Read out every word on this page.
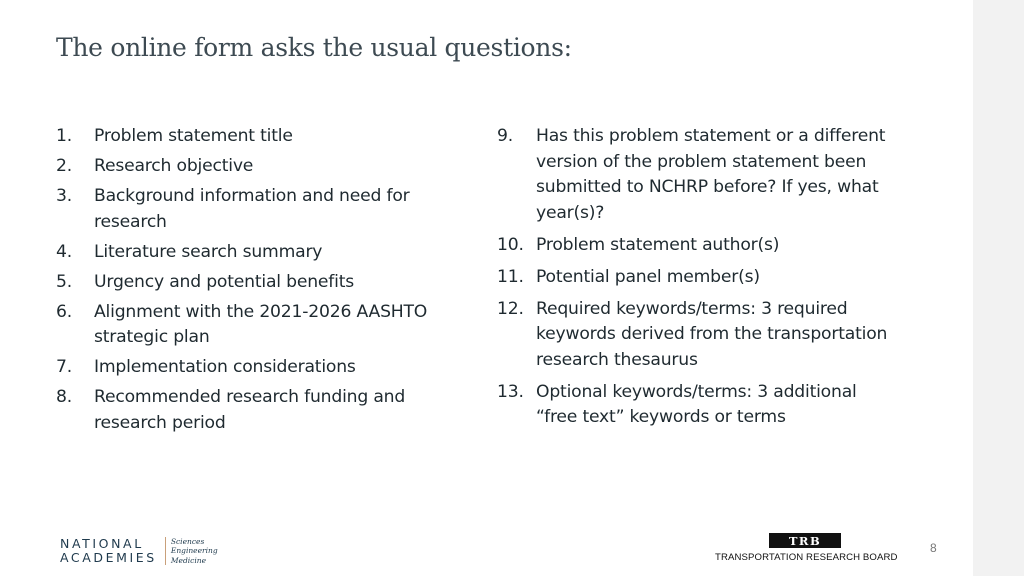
The online form asks the usual questions:
1.	Problem statement title
2.	Research objective
3.	Background information and need for research
4.	Literature search summary
5.	Urgency and potential benefits
6.	Alignment with the 2021-2026 AASHTO strategic plan
7.	Implementation considerations
8.	Recommended research funding and research period
9.	Has this problem statement or a different version of the problem statement been submitted to NCHRP before? If yes, what year(s)?
10. Problem statement author(s)
11. Potential panel member(s)
12. Required keywords/terms: 3 required keywords derived from the transportation research thesaurus
13. Optional keywords/terms: 3 additional “free text” keywords or terms
NATIONAL
ACADEMIES
Sciences
Engineering
Medicine
TRB
TRANSPORTATION RESEARCH BOARD
8
